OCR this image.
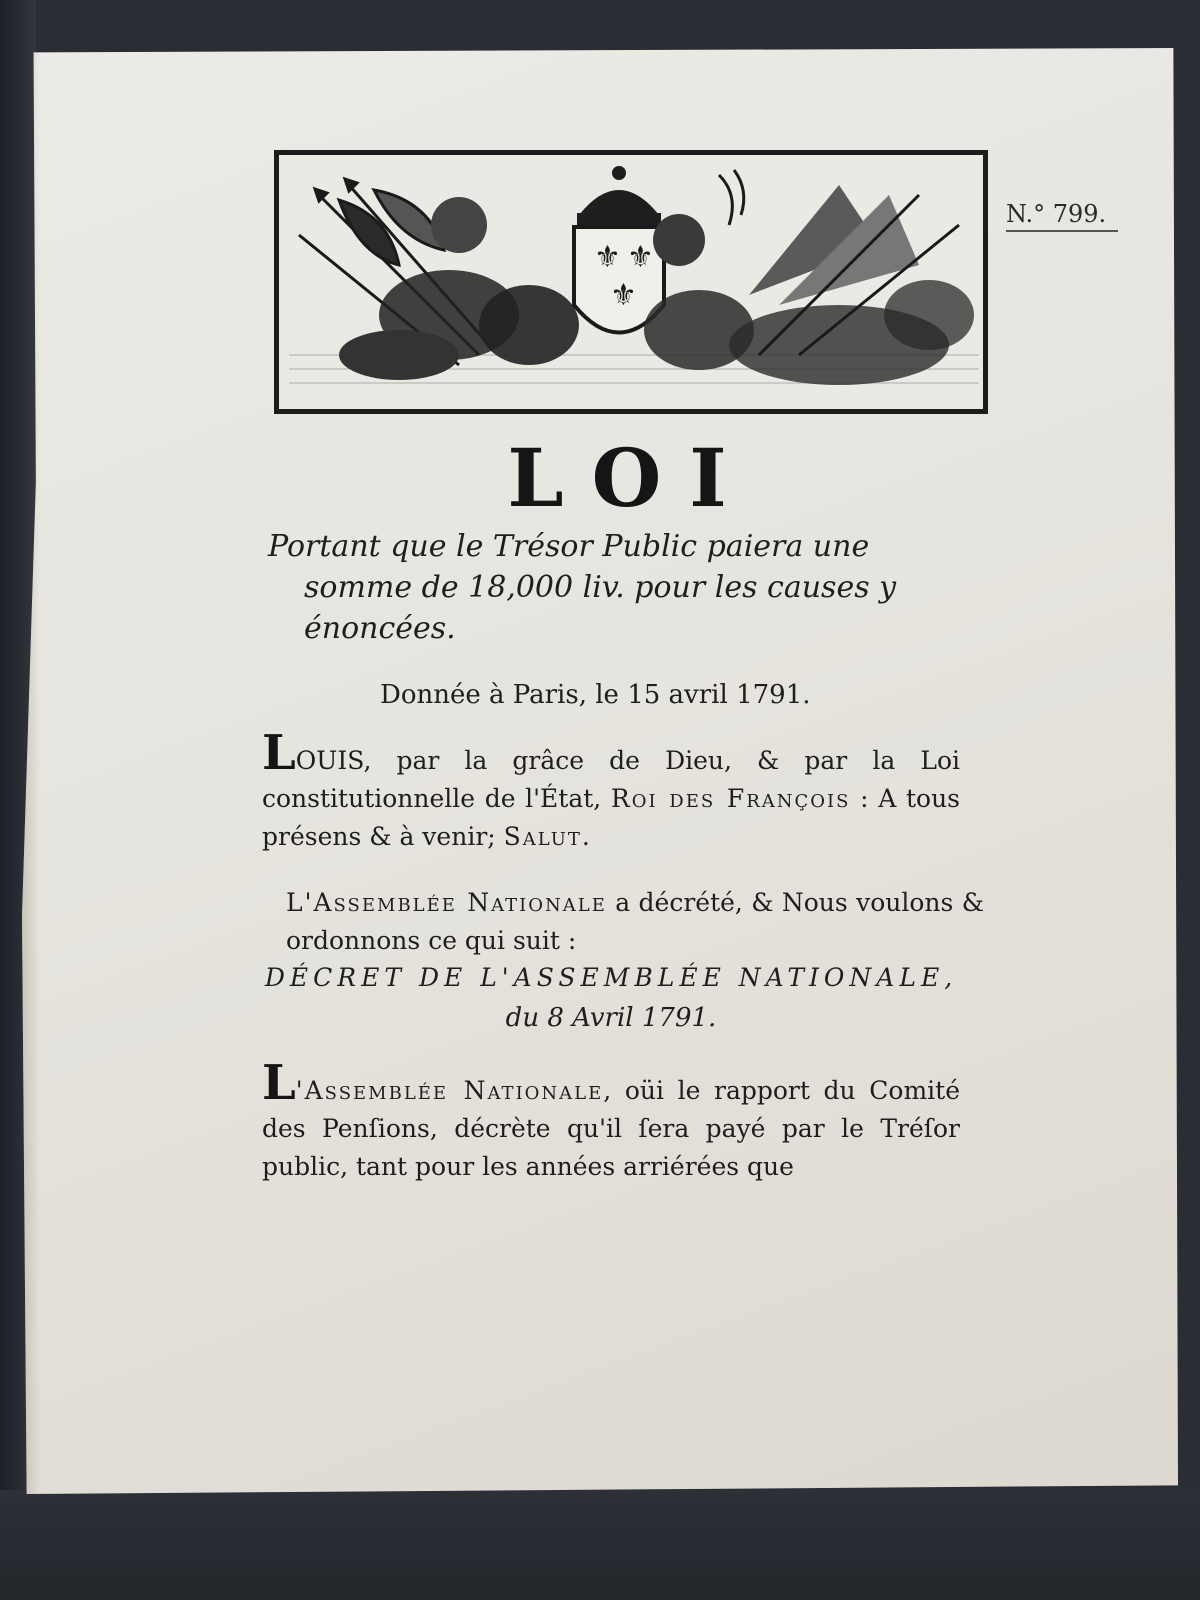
N.° 799.
⚜ ⚜
⚜
LOI
Portant que le Trésor Public paiera une
somme de 18,000 liv. pour les causes y
énoncées.
Donnée à Paris, le 15 avril 1791.
LOUIS, par la grâce de Dieu, & par la Loi constitutionnelle de l'État, Roi des François : A tous présens & à venir; Salut.
L'Assemblée Nationale a décrété, & Nous voulons & ordonnons ce qui suit :
DÉCRET DE L'ASSEMBLÉE NATIONALE,
du 8 Avril 1791.
L'Assemblée Nationale, oüi le rapport du Comité des Penſions, décrète qu'il ſera payé par le Tréſor public, tant pour les années arriérées que
